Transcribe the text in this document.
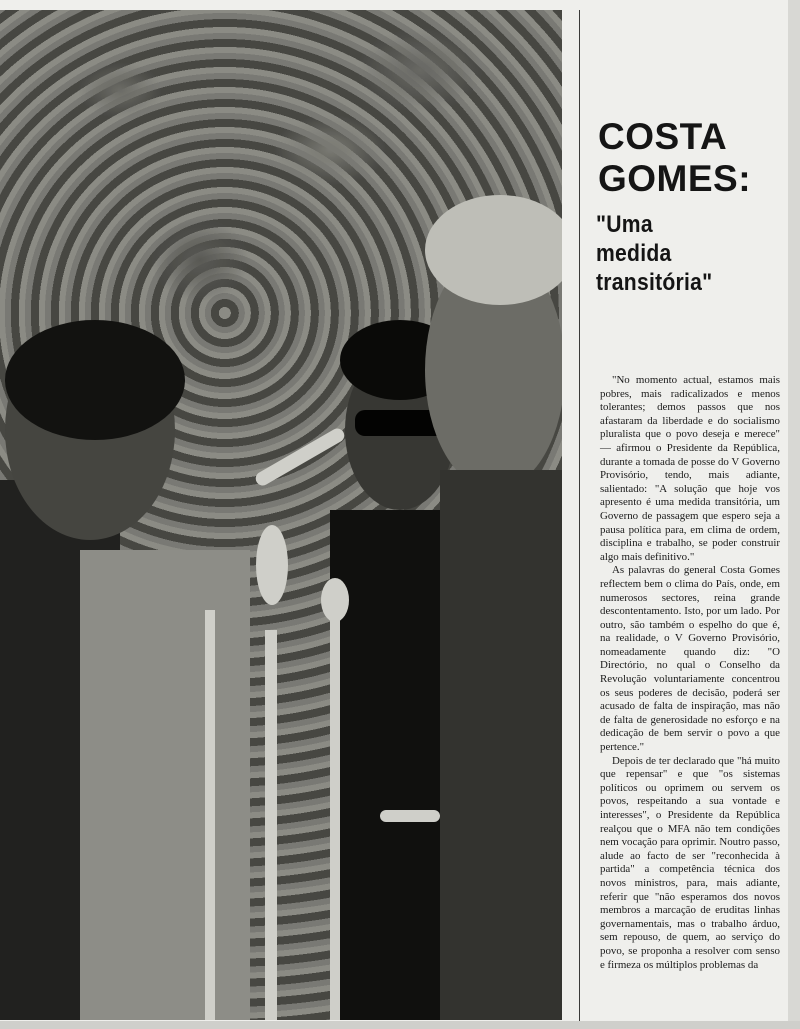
COSTA
GOMES:
"Uma
medida
transitória"

"No momento actual, estamos mais pobres, mais radicalizados e menos tolerantes; demos passos que nos afastaram da liberdade e do socialismo pluralista que o povo deseja e merece" — afirmou o Presidente da República, durante a tomada de posse do V Governo Provisório, tendo, mais adiante, salientado: "A solução que hoje vos apresento é uma medida transitória, um Governo de passagem que espero seja a pausa política para, em clima de ordem, disciplina e trabalho, se poder construir algo mais definitivo."

As palavras do general Costa Gomes reflectem bem o clima do País, onde, em numerosos sectores, reina grande descontentamento. Isto, por um lado. Por outro, são também o espelho do que é, na realidade, o V Governo Provisório, nomeadamente quando diz: "O Directório, no qual o Conselho da Revolução voluntariamente concentrou os seus poderes de decisão, poderá ser acusado de falta de inspiração, mas não de falta de generosidade no esforço e na dedicação de bem servir o povo a que pertence."

Depois de ter declarado que "há muito que repensar" e que "os sistemas políticos ou oprimem ou servem os povos, respeitando a sua vontade e interesses", o Presidente da República realçou que o MFA não tem condições nem vocação para oprimir. Noutro passo, alude ao facto de ser "reconhecida à partida" a competência técnica dos novos ministros, para, mais adiante, referir que "não esperamos dos novos membros a marcação de eruditas linhas governamentais, mas o trabalho árduo, sem repouso, de quem, ao serviço do povo, se proponha a resolver com senso e firmeza os múltiplos problemas da
